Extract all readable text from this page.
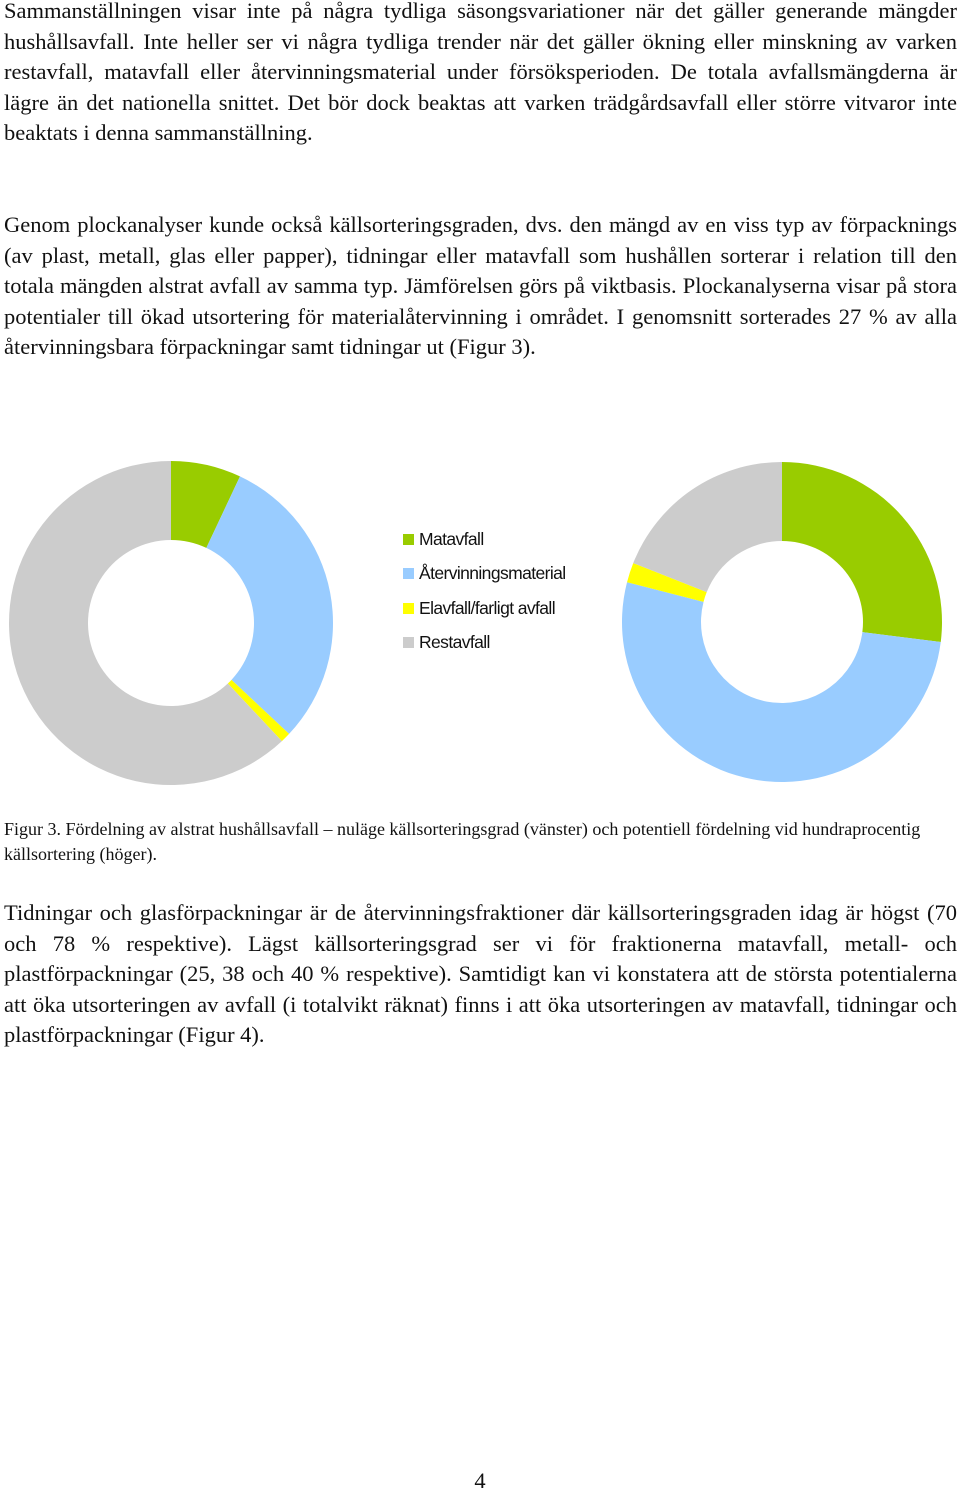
Sammanställningen visar inte på några tydliga säsongsvariationer när det gäller generande mängder hushållsavfall. Inte heller ser vi några tydliga trender när det gäller ökning eller minskning av varken restavfall, matavfall eller återvinningsmaterial under försöksperioden. De totala avfallsmängderna är lägre än det nationella snittet. Det bör dock beaktas att varken trädgårdsavfall eller större vitvaror inte beaktats i denna sammanställning.

Genom plockanalyser kunde också källsorteringsgraden, dvs. den mängd av en viss typ av förpacknings (av plast, metall, glas eller papper), tidningar eller matavfall som hushållen sorterar i relation till den totala mängden alstrat avfall av samma typ. Jämförelsen görs på viktbasis. Plockanalyserna visar på stora potentialer till ökad utsortering för materialåtervinning i området. I genomsnitt sorterades 27 % av alla återvinningsbara förpackningar samt tidningar ut (Figur 3).

Matavfall
Återvinningsmaterial
Elavfall/farligt avfall
Restavfall

Figur 3. Fördelning av alstrat hushållsavfall – nuläge källsorteringsgrad (vänster) och potentiell fördelning vid hundraprocentig källsortering (höger).

Tidningar och glasförpackningar är de återvinningsfraktioner där källsorteringsgraden idag är högst (70 och 78 % respektive). Lägst källsorteringsgrad ser vi för fraktionerna matavfall, metall- och plastförpackningar (25, 38 och 40 % respektive). Samtidigt kan vi konstatera att de största potentialerna att öka utsorteringen av avfall (i totalvikt räknat) finns i att öka utsorteringen av matavfall, tidningar och plastförpackningar (Figur 4).

4
